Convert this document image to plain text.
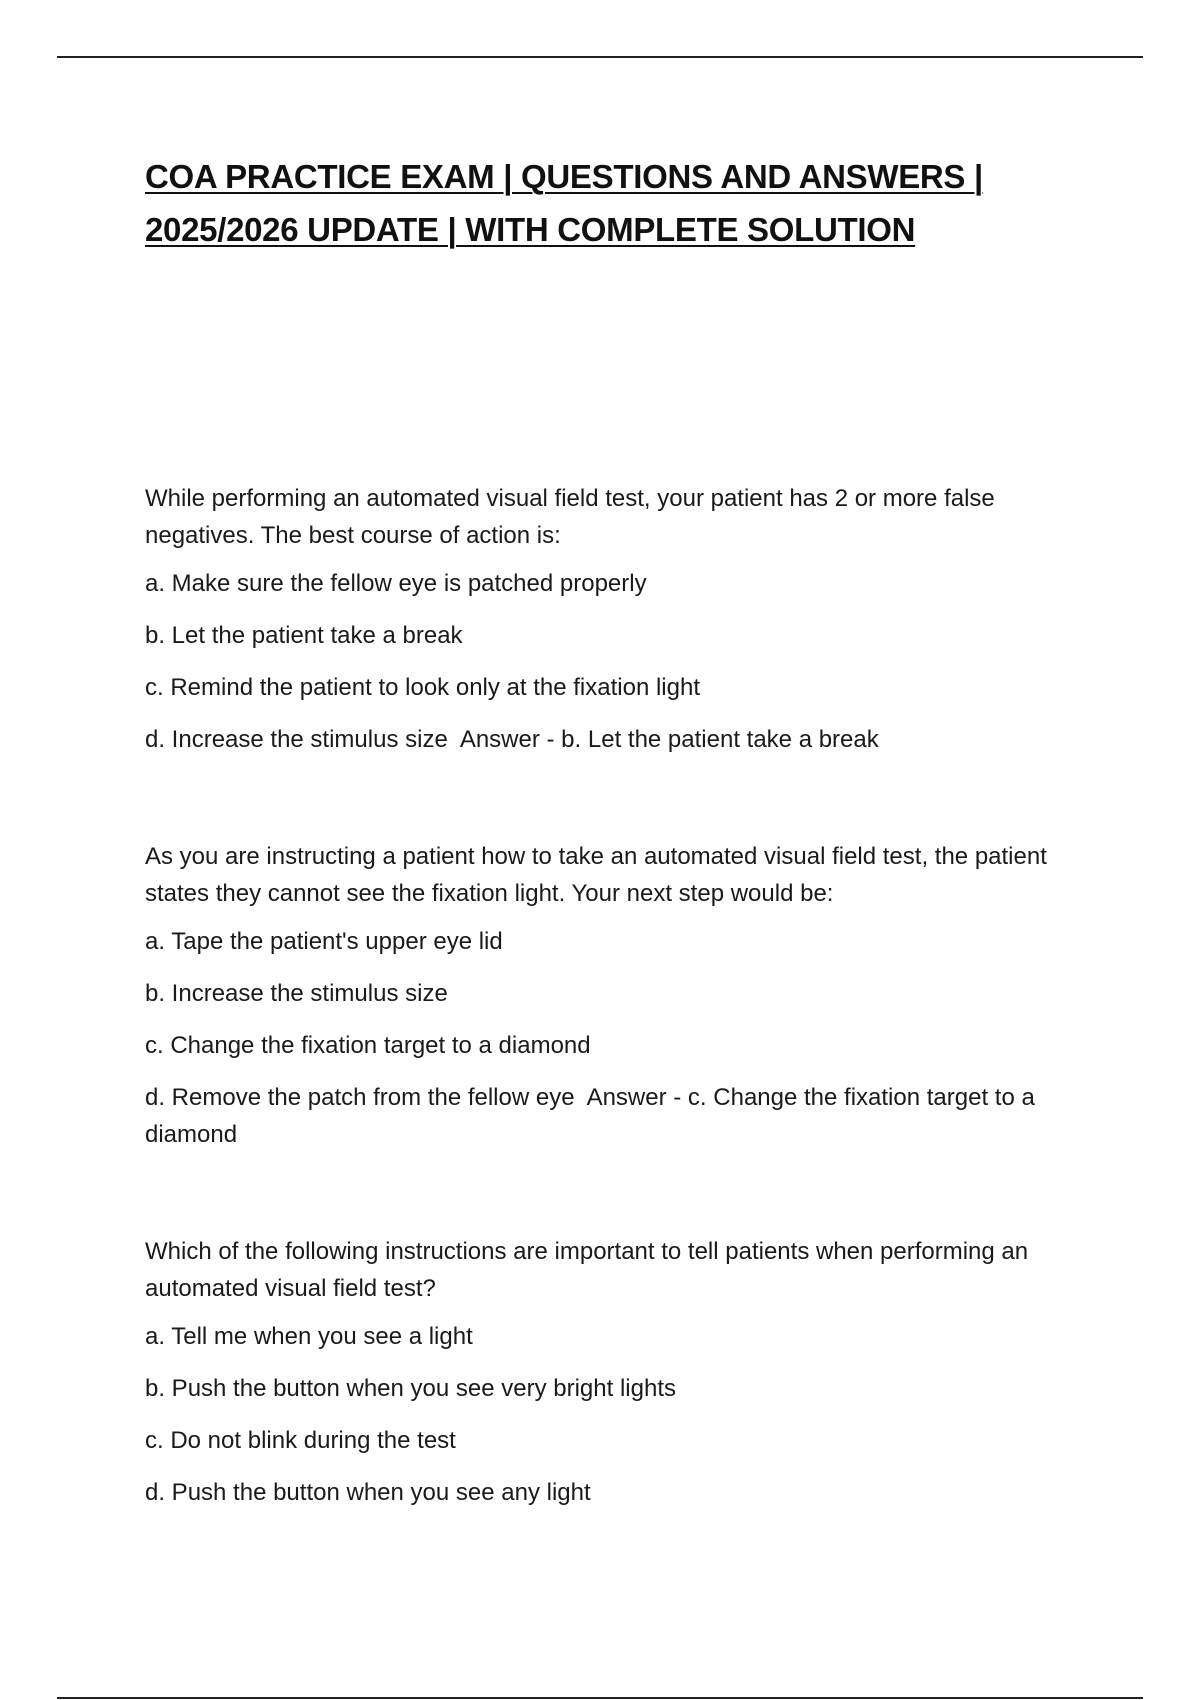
COA PRACTICE EXAM | QUESTIONS AND ANSWERS | 2025/2026 UPDATE | WITH COMPLETE SOLUTION

While performing an automated visual field test, your patient has 2 or more false negatives. The best course of action is:

a. Make sure the fellow eye is patched properly

b. Let the patient take a break

c. Remind the patient to look only at the fixation light

d. Increase the stimulus size Answer - b. Let the patient take a break

As you are instructing a patient how to take an automated visual field test, the patient states they cannot see the fixation light. Your next step would be:

a. Tape the patient's upper eye lid

b. Increase the stimulus size

c. Change the fixation target to a diamond

d. Remove the patch from the fellow eye Answer - c. Change the fixation target to a diamond

Which of the following instructions are important to tell patients when performing an automated visual field test?

a. Tell me when you see a light

b. Push the button when you see very bright lights

c. Do not blink during the test

d. Push the button when you see any light
